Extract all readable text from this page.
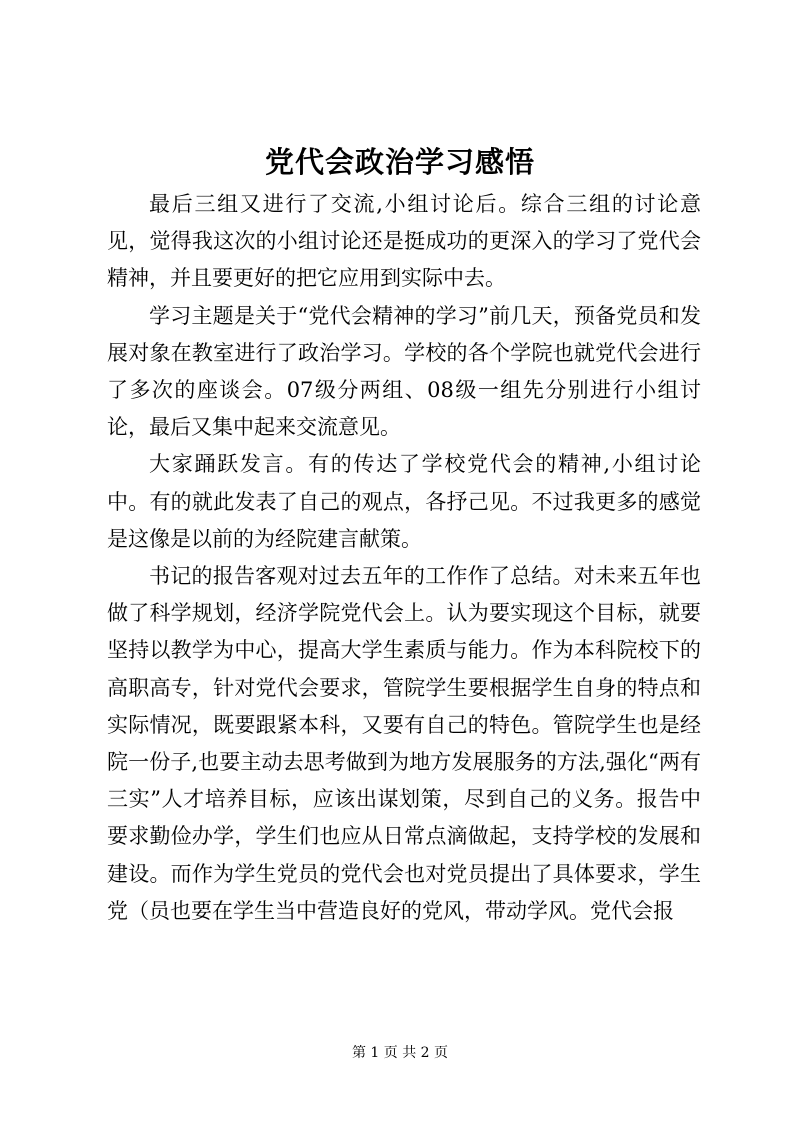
党代会政治学习感悟

最后三组又进行了交流,小组讨论后。综合三组的讨论意见，觉得我这次的小组讨论还是挺成功的更深入的学习了党代会精神，并且要更好的把它应用到实际中去。

学习主题是关于“党代会精神的学习”前几天，预备党员和发展对象在教室进行了政治学习。学校的各个学院也就党代会进行了多次的座谈会。07级分两组、08级一组先分别进行小组讨论，最后又集中起来交流意见。

大家踊跃发言。有的传达了学校党代会的精神,小组讨论中。有的就此发表了自己的观点，各抒己见。不过我更多的感觉是这像是以前的为经院建言献策。

书记的报告客观对过去五年的工作作了总结。对未来五年也做了科学规划，经济学院党代会上。认为要实现这个目标，就要坚持以教学为中心，提高大学生素质与能力。作为本科院校下的高职高专，针对党代会要求，管院学生要根据学生自身的特点和实际情况，既要跟紧本科，又要有自己的特色。管院学生也是经院一份子,也要主动去思考做到为地方发展服务的方法,强化“两有三实”人才培养目标，应该出谋划策，尽到自己的义务。报告中要求勤俭办学，学生们也应从日常点滴做起，支持学校的发展和建设。而作为学生党员的党代会也对党员提出了具体要求，学生党（员也要在学生当中营造良好的党风，带动学风。党代会报

第 1 页 共 2 页
